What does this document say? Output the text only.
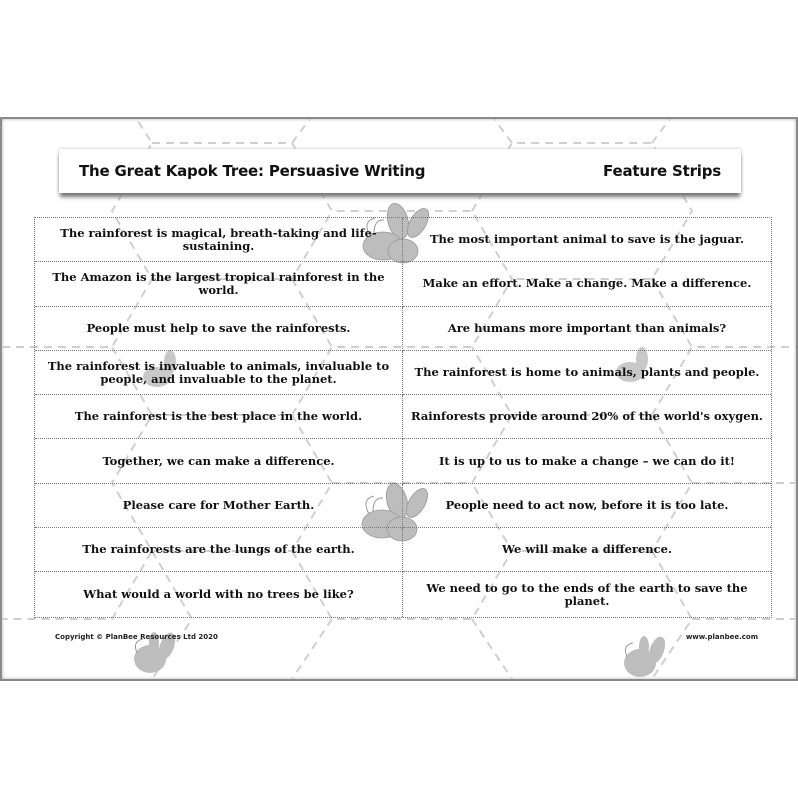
The Great Kapok Tree: Persuasive Writing	Feature Strips
The rainforest is magical, breath-taking and life-sustaining.	The most important animal to save is the jaguar.
The Amazon is the largest tropical rainforest in the world.	Make an effort. Make a change. Make a difference.
People must help to save the rainforests.	Are humans more important than animals?
The rainforest is invaluable to animals, invaluable to people, and invaluable to the planet.	The rainforest is home to animals, plants and people.
The rainforest is the best place in the world.	Rainforests provide around 20% of the world's oxygen.
Together, we can make a difference.	It is up to us to make a change – we can do it!
Please care for Mother Earth.	People need to act now, before it is too late.
The rainforests are the lungs of the earth.	We will make a difference.
What would a world with no trees be like?	We need to go to the ends of the earth to save the planet.
Copyright © PlanBee Resources Ltd 2020	www.planbee.com
